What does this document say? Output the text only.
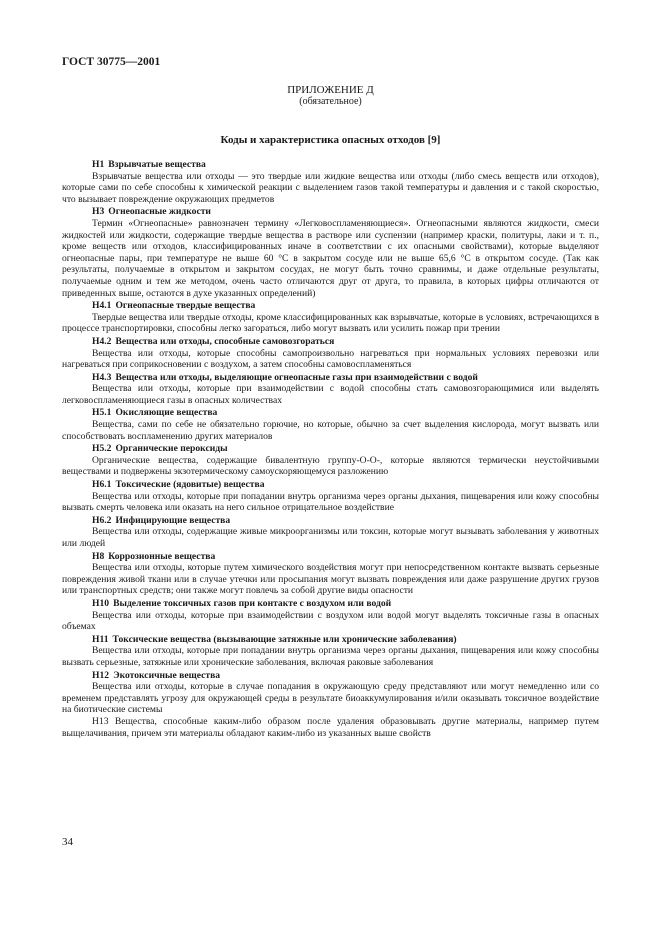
ГОСТ 30775—2001
ПРИЛОЖЕНИЕ Д
(обязательное)
Коды и характеристика опасных отходов [9]

Н1 Взрывчатые вещества

Взрывчатые вещества или отходы — это твердые или жидкие вещества или отходы (либо смесь веществ или отходов), которые сами по себе способны к химической реакции с выделением газов такой температуры и давления и с такой скоростью, что вызывает повреждение окружающих предметов

Н3 Огнеопасные жидкости

Термин «Огнеопасные» равнозначен термину «Легковоспламеняющиеся». Огнеопасными являются жидкости, смеси жидкостей или жидкости, содержащие твердые вещества в растворе или суспензии (например краски, политуры, лаки и т. п., кроме веществ или отходов, классифицированных иначе в соответствии с их опасными свойствами), которые выделяют огнеопасные пары, при температуре не выше 60 °С в закрытом сосуде или не выше 65,6 °С в открытом сосуде. (Так как результаты, получаемые в открытом и закрытом сосудах, не могут быть точно сравнимы, и даже отдельные результаты, получаемые одним и тем же методом, очень часто отличаются друг от друга, то правила, в которых цифры отличаются от приведенных выше, остаются в духе указанных определений)

Н4.1 Огнеопасные твердые вещества

Твердые вещества или твердые отходы, кроме классифицированных как взрывчатые, которые в условиях, встречающихся в процессе транспортировки, способны легко загораться, либо могут вызвать или усилить пожар при трении

Н4.2 Вещества или отходы, способные самовозгораться

Вещества или отходы, которые способны самопроизвольно нагреваться при нормальных условиях перевозки или нагреваться при соприкосновении с воздухом, а затем способны самовоспламеняться

Н4.3 Вещества или отходы, выделяющие огнеопасные газы при взаимодействии с водой

Вещества или отходы, которые при взаимодействии с водой способны стать самовозгорающимися или выделять легковоспламеняющиеся газы в опасных количествах

Н5.1 Окисляющие вещества

Вещества, сами по себе не обязательно горючие, но которые, обычно за счет выделения кислорода, могут вызвать или способствовать воспламенению других материалов

Н5.2 Органические пероксиды

Органические вещества, содержащие бивалентную группу-О-О-, которые являются термически неустойчивыми веществами и подвержены экзотермическому самоускоряющемуся разложению

Н6.1 Токсические (ядовитые) вещества

Вещества или отходы, которые при попадании внутрь организма через органы дыхания, пищеварения или кожу способны вызвать смерть человека или оказать на него сильное отрицательное воздействие

Н6.2 Инфицирующие вещества

Вещества или отходы, содержащие живые микроорганизмы или токсин, которые могут вызывать заболевания у животных или людей

Н8 Коррозионные вещества

Вещества или отходы, которые путем химического воздействия могут при непосредственном контакте вызвать серьезные повреждения живой ткани или в случае утечки или просыпания могут вызвать повреждения или даже разрушение других грузов или транспортных средств; они также могут повлечь за собой другие виды опасности

Н10 Выделение токсичных газов при контакте с воздухом или водой

Вещества или отходы, которые при взаимодействии с воздухом или водой могут выделять токсичные газы в опасных объемах

Н11 Токсические вещества (вызывающие затяжные или хронические заболевания)

Вещества или отходы, которые при попадании внутрь организма через органы дыхания, пищеварения или кожу способны вызвать серьезные, затяжные или хронические заболевания, включая раковые заболевания

Н12 Экотоксичные вещества

Вещества или отходы, которые в случае попадания в окружающую среду представляют или могут немедленно или со временем представлять угрозу для окружающей среды в результате биоаккумулирования и/или оказывать токсичное воздействие на биотические системы

Н13 Вещества, способные каким-либо образом после удаления образовывать другие материалы, например путем выщелачивания, причем эти материалы обладают каким-либо из указанных выше свойств

34
